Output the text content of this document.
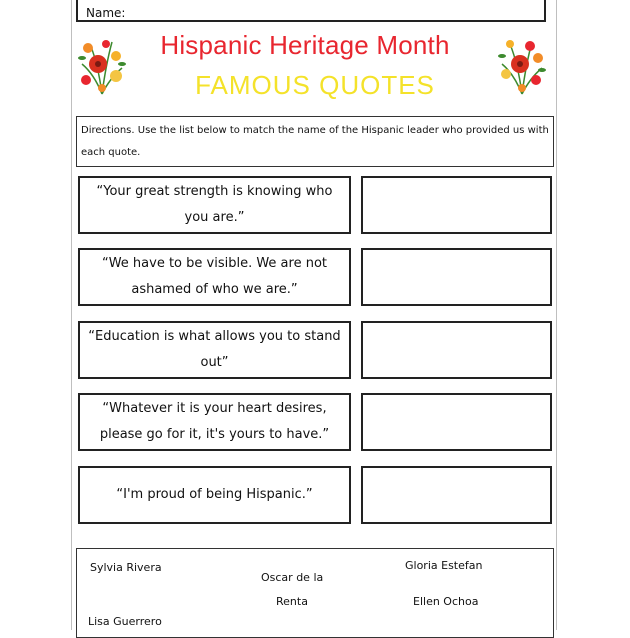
Name:
Hispanic Heritage Month
FAMOUS QUOTES
Directions. Use the list below to match the name of the Hispanic leader who provided us with each quote.
“Your great strength is knowing who you are.”
“We have to be visible. We are not ashamed of who we are.”
“Education is what allows you to stand out”
“Whatever it is your heart desires, please go for it, it's yours to have.”
“I'm proud of being Hispanic.”
Sylvia Rivera
Oscar de la
Renta
Gloria Estefan
Ellen Ochoa
Lisa Guerrero
